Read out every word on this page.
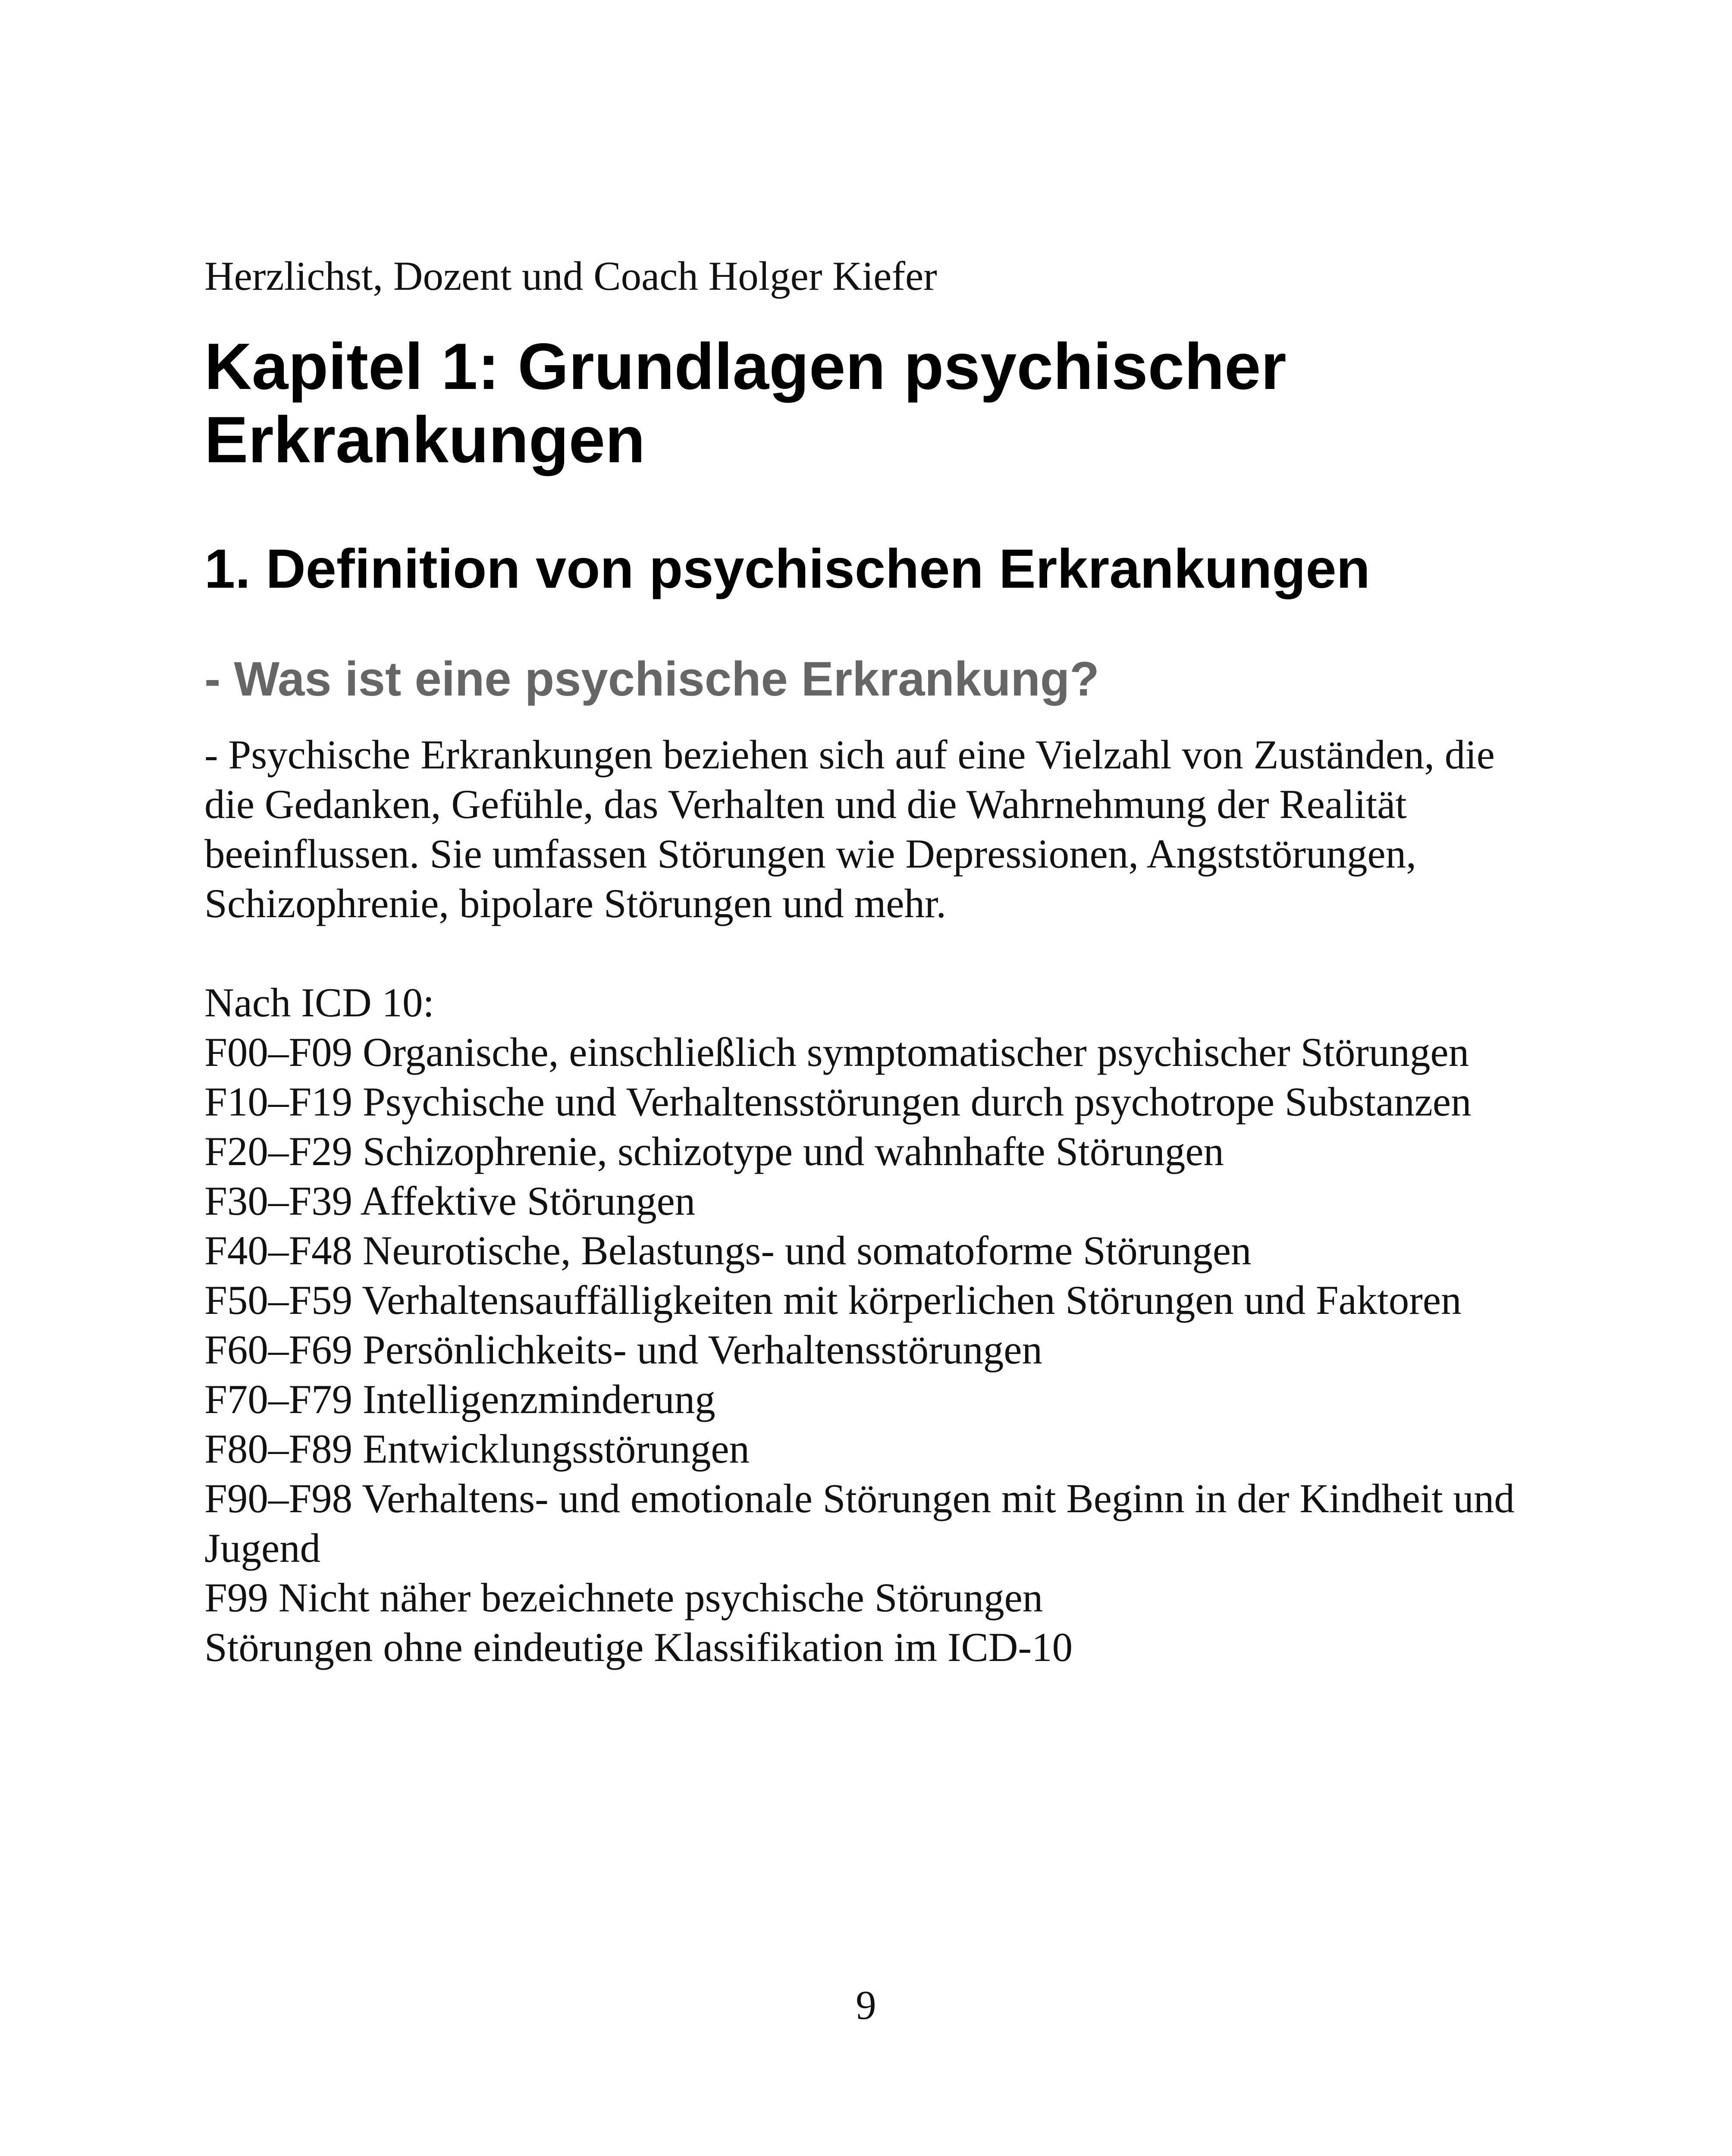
Herzlichst, Dozent und Coach Holger Kiefer

Kapitel 1: Grundlagen psychischer Erkrankungen
1. Definition von psychischen Erkrankungen
- Was ist eine psychische Erkrankung?

- Psychische Erkrankungen beziehen sich auf eine Vielzahl von Zuständen, die die Gedanken, Gefühle, das Verhalten und die Wahrnehmung der Realität beeinflussen. Sie umfassen Störungen wie Depressionen, Angststörungen, Schizophrenie, bipolare Störungen und mehr.

Nach ICD 10:

F00–F09 Organische, einschließlich symptomatischer psychischer Störungen
F10–F19 Psychische und Verhaltensstörungen durch psychotrope Substanzen
F20–F29 Schizophrenie, schizotype und wahnhafte Störungen
F30–F39 Affektive Störungen
F40–F48 Neurotische, Belastungs- und somatoforme Störungen
F50–F59 Verhaltensauffälligkeiten mit körperlichen Störungen und Faktoren
F60–F69 Persönlichkeits- und Verhaltensstörungen
F70–F79 Intelligenzminderung
F80–F89 Entwicklungsstörungen
F90–F98 Verhaltens- und emotionale Störungen mit Beginn in der Kindheit und Jugend
F99 Nicht näher bezeichnete psychische Störungen
Störungen ohne eindeutige Klassifikation im ICD-10
9
